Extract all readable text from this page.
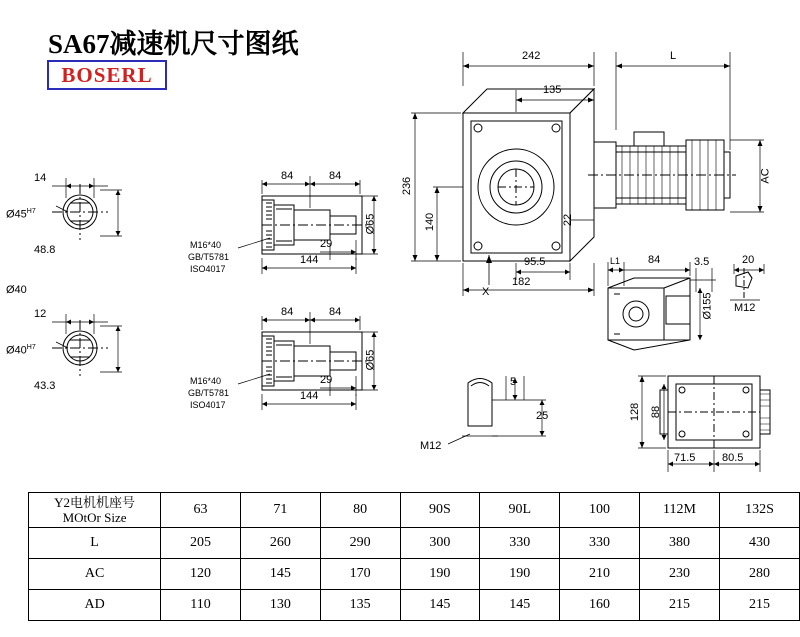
SA67减速机尺寸图纸
BOSERL
242	L
135
236
140	22
AC
95.5
182
X
84	84
29
144
Ø65
M16*40
GB/T5781
ISO4017
84	84
29
144
Ø65
M16*40
GB/T5781
ISO4017
14
$Ø45^{H7}$
48.8
Ø40
12
$Ø40^{H7}$
43.3
L1	84	3.5	20
Ø155 M12
5
25
M12
128 88
71.5 80.5
Y2电机机座号
MOtOr Size	63	71	80	90S	90L	100	112M	132S
L	205	260	290	300	330	330	380	430
AC	120	145	170	190	190	210	230	280
AD	110	130	135	145	145	160	215	215
